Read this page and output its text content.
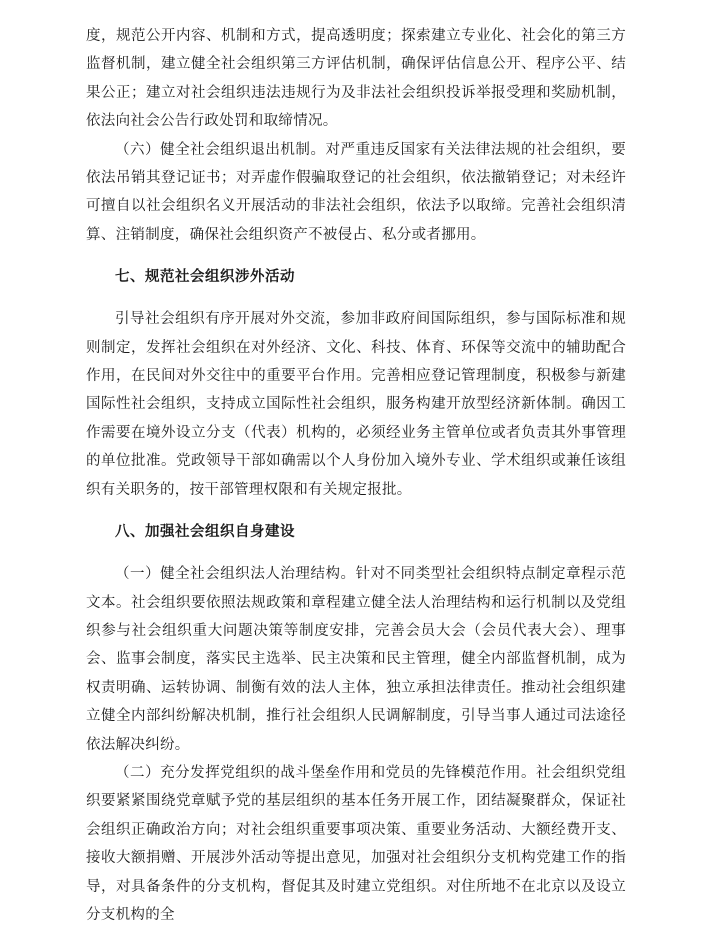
度，规范公开内容、机制和方式，提高透明度；探索建立专业化、社会化的第三方监督机制，建立健全社会组织第三方评估机制，确保评估信息公开、程序公平、结果公正；建立对社会组织违法违规行为及非法社会组织投诉举报受理和奖励机制，依法向社会公告行政处罚和取缔情况。

（六）健全社会组织退出机制。对严重违反国家有关法律法规的社会组织，要依法吊销其登记证书；对弄虚作假骗取登记的社会组织，依法撤销登记；对未经许可擅自以社会组织名义开展活动的非法社会组织，依法予以取缔。完善社会组织清算、注销制度，确保社会组织资产不被侵占、私分或者挪用。

七、规范社会组织涉外活动

引导社会组织有序开展对外交流，参加非政府间国际组织，参与国际标准和规则制定，发挥社会组织在对外经济、文化、科技、体育、环保等交流中的辅助配合作用，在民间对外交往中的重要平台作用。完善相应登记管理制度，积极参与新建国际性社会组织，支持成立国际性社会组织，服务构建开放型经济新体制。确因工作需要在境外设立分支（代表）机构的，必须经业务主管单位或者负责其外事管理的单位批准。党政领导干部如确需以个人身份加入境外专业、学术组织或兼任该组织有关职务的，按干部管理权限和有关规定报批。

八、加强社会组织自身建设

（一）健全社会组织法人治理结构。针对不同类型社会组织特点制定章程示范文本。社会组织要依照法规政策和章程建立健全法人治理结构和运行机制以及党组织参与社会组织重大问题决策等制度安排，完善会员大会（会员代表大会）、理事会、监事会制度，落实民主选举、民主决策和民主管理，健全内部监督机制，成为权责明确、运转协调、制衡有效的法人主体，独立承担法律责任。推动社会组织建立健全内部纠纷解决机制，推行社会组织人民调解制度，引导当事人通过司法途径依法解决纠纷。

（二）充分发挥党组织的战斗堡垒作用和党员的先锋模范作用。社会组织党组织要紧紧围绕党章赋予党的基层组织的基本任务开展工作，团结凝聚群众，保证社会组织正确政治方向；对社会组织重要事项决策、重要业务活动、大额经费开支、接收大额捐赠、开展涉外活动等提出意见，加强对社会组织分支机构党建工作的指导，对具备条件的分支机构，督促其及时建立党组织。对住所地不在北京以及设立分支机构的全
